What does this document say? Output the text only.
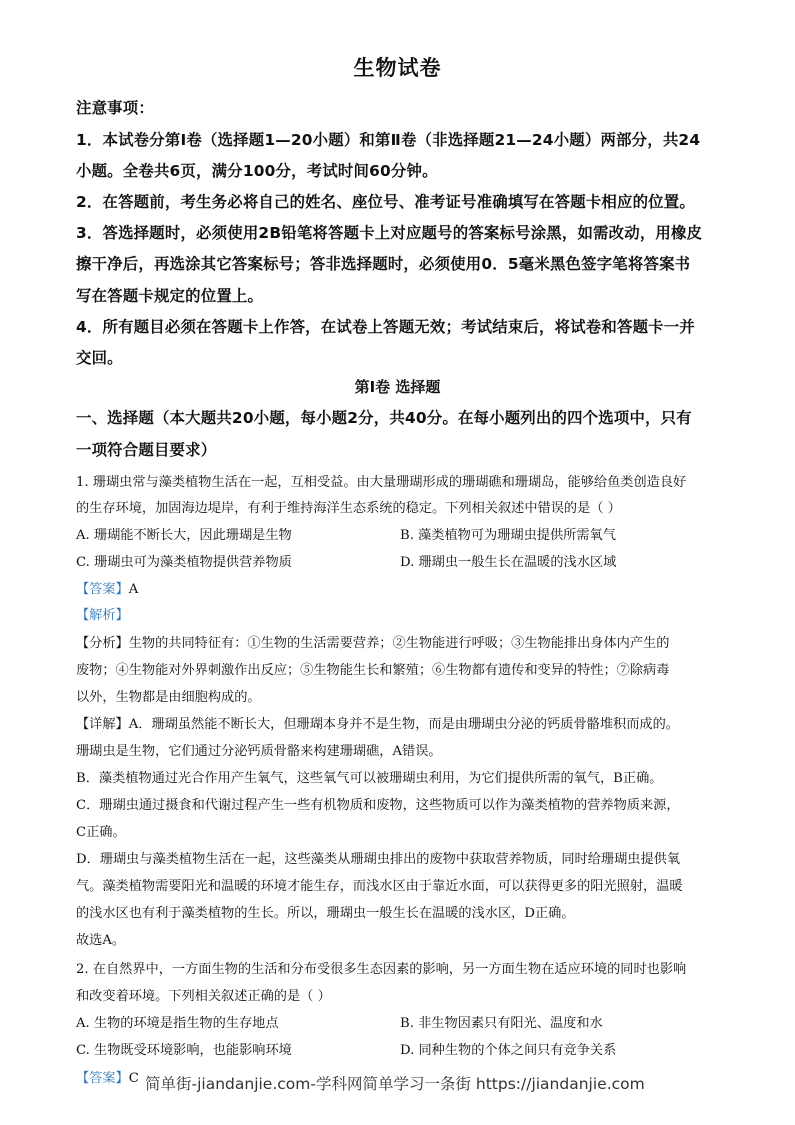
生物试卷
注意事项：
1．本试卷分第Ⅰ卷（选择题1—20小题）和第Ⅱ卷（非选择题21—24小题）两部分，共24
小题。全卷共6页，满分100分，考试时间60分钟。
2．在答题前，考生务必将自己的姓名、座位号、准考证号准确填写在答题卡相应的位置。
3．答选择题时，必须使用2B铅笔将答题卡上对应题号的答案标号涂黑，如需改动，用橡皮
擦干净后，再选涂其它答案标号；答非选择题时，必须使用0．5毫米黑色签字笔将答案书
写在答题卡规定的位置上。
4．所有题目必须在答题卡上作答，在试卷上答题无效；考试结束后，将试卷和答题卡一并
交回。
第Ⅰ卷 选择题
一、选择题（本大题共20小题，每小题2分，共40分。在每小题列出的四个选项中，只有
一项符合题目要求）
1. 珊瑚虫常与藻类植物生活在一起，互相受益。由大量珊瑚形成的珊瑚礁和珊瑚岛，能够给鱼类创造良好
的生存环境，加固海边堤岸，有利于维持海洋生态系统的稳定。下列相关叙述中错误的是（ ）
A. 珊瑚能不断长大，因此珊瑚是生物	B. 藻类植物可为珊瑚虫提供所需氧气
C. 珊瑚虫可为藻类植物提供营养物质	D. 珊瑚虫一般生长在温暖的浅水区域
【答案】A
【解析】
【分析】生物的共同特征有：①生物的生活需要营养；②生物能进行呼吸；③生物能排出身体内产生的
废物；④生物能对外界刺激作出反应；⑤生物能生长和繁殖；⑥生物都有遗传和变异的特性；⑦除病毒
以外，生物都是由细胞构成的。
【详解】A．珊瑚虽然能不断长大，但珊瑚本身并不是生物，而是由珊瑚虫分泌的钙质骨骼堆积而成的。
珊瑚虫是生物，它们通过分泌钙质骨骼来构建珊瑚礁，A错误。
B．藻类植物通过光合作用产生氧气，这些氧气可以被珊瑚虫利用，为它们提供所需的氧气，B正确。
C．珊瑚虫通过摄食和代谢过程产生一些有机物质和废物，这些物质可以作为藻类植物的营养物质来源，
C正确。
D．珊瑚虫与藻类植物生活在一起，这些藻类从珊瑚虫排出的废物中获取营养物质，同时给珊瑚虫提供氧
气。藻类植物需要阳光和温暖的环境才能生存，而浅水区由于靠近水面，可以获得更多的阳光照射，温暖
的浅水区也有利于藻类植物的生长。所以，珊瑚虫一般生长在温暖的浅水区，D正确。
故选A。
2. 在自然界中，一方面生物的生活和分布受很多生态因素的影响，另一方面生物在适应环境的同时也影响
和改变着环境。下列相关叙述正确的是（ ）
A. 生物的环境是指生物的生存地点	B. 非生物因素只有阳光、温度和水
C. 生物既受环境影响，也能影响环境	D. 同种生物的个体之间只有竞争关系
【答案】C 简单街-jiandanjie.com-学科网简单学习一条街 https://jiandanjie.com
